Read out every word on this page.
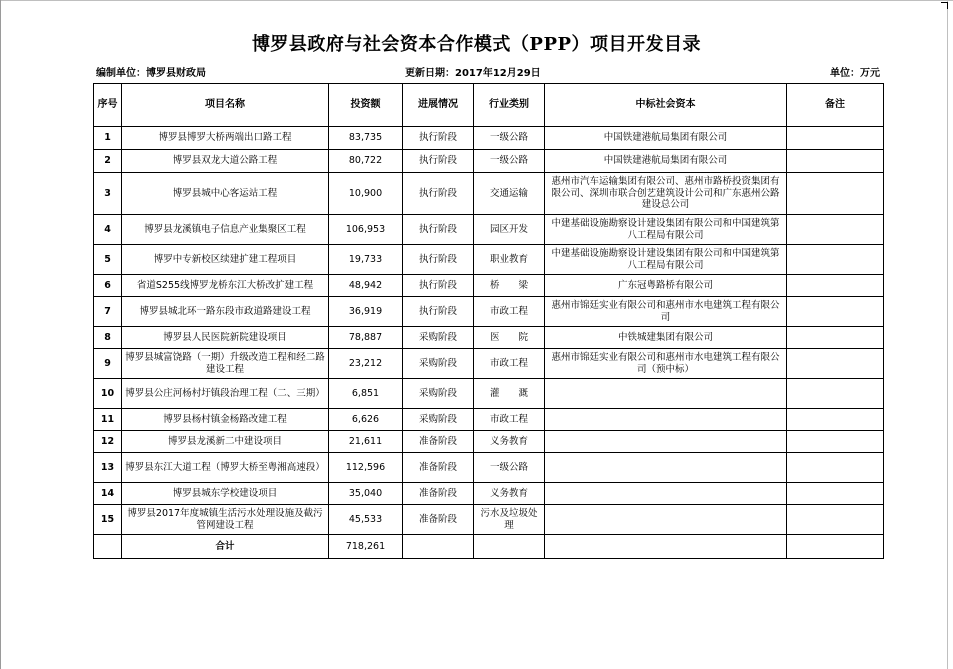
博罗县政府与社会资本合作模式（PPP）项目开发目录
编制单位：博罗县财政局	更新日期：2017年12月29日	单位：万元
序号	项目名称	投资额	进展情况	行业类别	中标社会资本	备注
1	博罗县博罗大桥两端出口路工程	83,735	执行阶段	一级公路	中国铁建港航局集团有限公司	
2	博罗县双龙大道公路工程	80,722	执行阶段	一级公路	中国铁建港航局集团有限公司	
3	博罗县城中心客运站工程	10,900	执行阶段	交通运输	惠州市汽车运输集团有限公司、惠州市路桥投资集团有限公司、深圳市联合创艺建筑设计公司和广东惠州公路建设总公司	
4	博罗县龙溪镇电子信息产业集聚区工程	106,953	执行阶段	园区开发	中建基础设施勘察设计建设集团有限公司和中国建筑第八工程局有限公司	
5	博罗中专新校区续建扩建工程项目	19,733	执行阶段	职业教育	中建基础设施勘察设计建设集团有限公司和中国建筑第八工程局有限公司	
6	省道S255线博罗龙桥东江大桥改扩建工程	48,942	执行阶段	桥　　梁	广东冠粤路桥有限公司	
7	博罗县城北环一路东段市政道路建设工程	36,919	执行阶段	市政工程	惠州市锦廷实业有限公司和惠州市水电建筑工程有限公司	
8	博罗县人民医院新院建设项目	78,887	采购阶段	医　　院	中铁城建集团有限公司	
9	博罗县城富饶路（一期）升级改造工程和经二路建设工程	23,212	采购阶段	市政工程	惠州市锦廷实业有限公司和惠州市水电建筑工程有限公司（预中标）	
10	博罗县公庄河杨村圩镇段治理工程（二、三期）	6,851	采购阶段	灌　　溉		
11	博罗县杨村镇金杨路改建工程	6,626	采购阶段	市政工程		
12	博罗县龙溪新二中建设项目	21,611	准备阶段	义务教育		
13	博罗县东江大道工程（博罗大桥至粤湘高速段）	112,596	准备阶段	一级公路		
14	博罗县城东学校建设项目	35,040	准备阶段	义务教育		
15	博罗县2017年度城镇生活污水处理设施及截污管网建设工程	45,533	准备阶段	污水及垃圾处理		
	合计	718,261				
